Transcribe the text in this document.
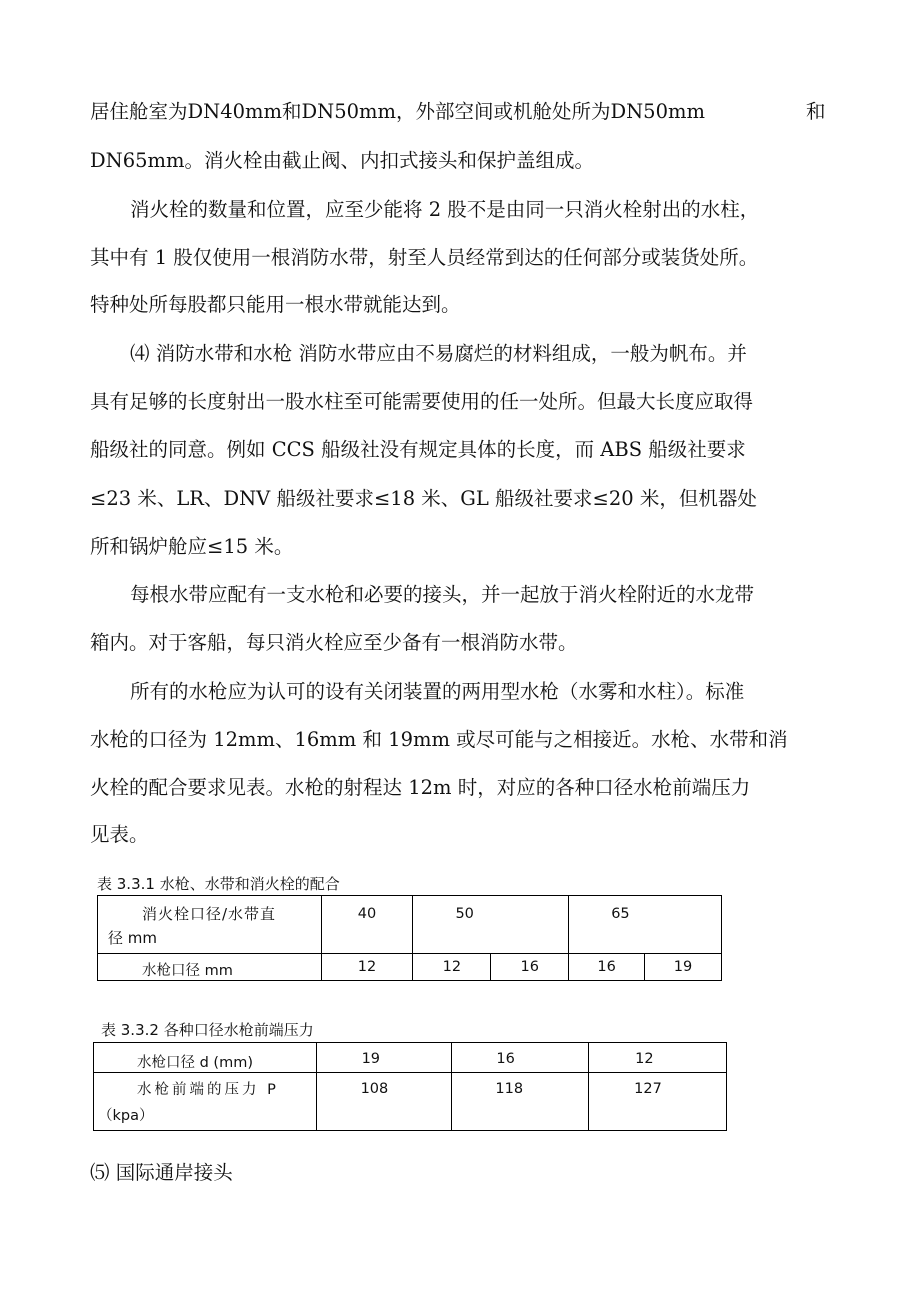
居住舱室为DN40mm和DN50mm，外部空间或机舱处所为DN50mm	和
DN65mm。消火栓由截止阀、内扣式接头和保护盖组成。
消火栓的数量和位置，应至少能将 2 股不是由同一只消火栓射出的水柱，
其中有 1 股仅使用一根消防水带，射至人员经常到达的任何部分或装货处所。
特种处所每股都只能用一根水带就能达到。
⑷ 消防水带和水枪 消防水带应由不易腐烂的材料组成，一般为帆布。并
具有足够的长度射出一股水柱至可能需要使用的任一处所。但最大长度应取得
船级社的同意。例如 CCS 船级社没有规定具体的长度，而 ABS 船级社要求
≤23 米、LR、DNV 船级社要求≤18 米、GL 船级社要求≤20 米，但机器处
所和锅炉舱应≤15 米。
每根水带应配有一支水枪和必要的接头，并一起放于消火栓附近的水龙带
箱内。对于客船，每只消火栓应至少备有一根消防水带。
所有的水枪应为认可的设有关闭装置的两用型水枪（水雾和水柱）。标准
水枪的口径为 12mm、16mm 和 19mm 或尽可能与之相接近。水枪、水带和消
火栓的配合要求见表。水枪的射程达 12m 时，对应的各种口径水枪前端压力
见表。
表 3.3.1 水枪、水带和消火栓的配合
消火栓口径/水带直
径 mm	40	50		65	
水枪口径 mm	12	12	16	16	19
表 3.3.2 各种口径水枪前端压力
水枪口径 d (mm)	19	16	12

水枪前端的压力 P
（kpa）	108	118	127
⑸ 国际通岸接头
